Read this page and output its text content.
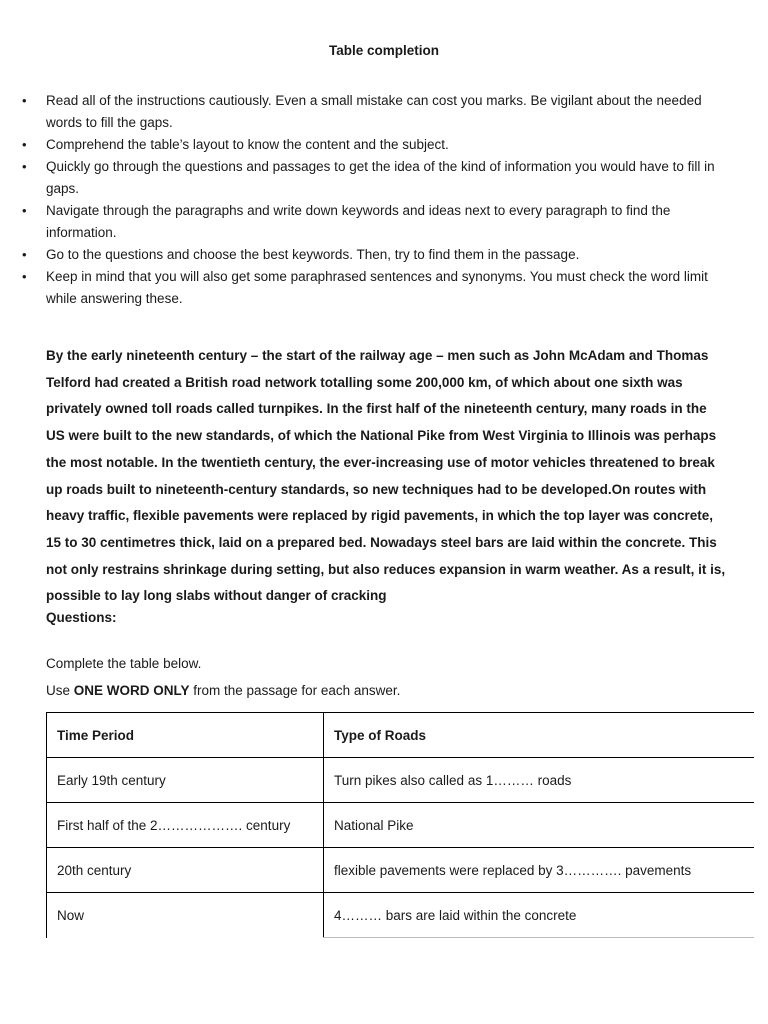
Table completion
• Read all of the instructions cautiously. Even a small mistake can cost you marks. Be vigilant about the needed words to fill the gaps.
• Comprehend the table’s layout to know the content and the subject.
• Quickly go through the questions and passages to get the idea of the kind of information you would have to fill in gaps.
• Navigate through the paragraphs and write down keywords and ideas next to every paragraph to find the information.
• Go to the questions and choose the best keywords. Then, try to find them in the passage.
• Keep in mind that you will also get some paraphrased sentences and synonyms. You must check the word limit while answering these.

By the early nineteenth century – the start of the railway age – men such as John McAdam and Thomas Telford had created a British road network totalling some 200,000 km, of which about one sixth was privately owned toll roads called turnpikes. In the first half of the nineteenth century, many roads in the US were built to the new standards, of which the National Pike from West Virginia to Illinois was perhaps the most notable. In the twentieth century, the ever-increasing use of motor vehicles threatened to break up roads built to nineteenth-century standards, so new techniques had to be developed.On routes with heavy traffic, flexible pavements were replaced by rigid pavements, in which the top layer was concrete, 15 to 30 centimetres thick, laid on a prepared bed. Nowadays steel bars are laid within the concrete. This not only restrains shrinkage during setting, but also reduces expansion in warm weather. As a result, it is, possible to lay long slabs without danger of cracking

Questions:
Complete the table below.
Use ONE WORD ONLY from the passage for each answer.
Time Period	Type of Roads
Early 19th century	Turn pikes also called as 1……… roads
First half of the 2………………. century	National Pike
20th century	flexible pavements were replaced by 3…………. pavements
Now	4……… bars are laid within the concrete
